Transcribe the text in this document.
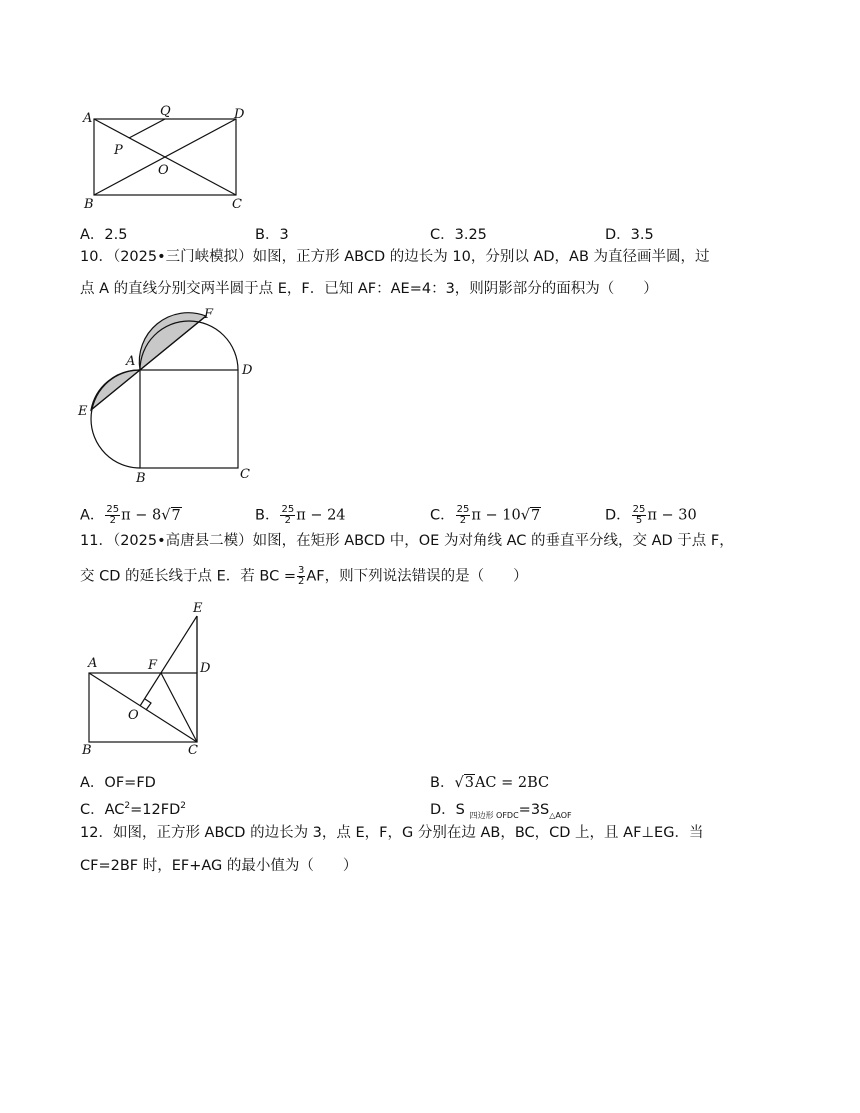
A	Q	D
P
O
B	C
A．2.5	B．3	C．3.25	D．3.5
10．（2025•三门峡模拟）如图，正方形 ABCD 的边长为 10，分别以 AD，AB 为直径画半圆，过
点 A 的直线分别交两半圆于点 E，F．已知 AF：AE=4：3，则阴影部分的面积为（　　）
A
F
D
E
B	C
A． $\frac{25}{2}$ π − 8√7	B． $\frac{25}{2}$ π − 24	C． $\frac{25}{2}$ π − 10√7	D． $\frac{25}{5}$ π − 30
11．（2025•高唐县二模）如图，在矩形 ABCD 中，OE 为对角线 AC 的垂直平分线，交 AD 于点 F，
交 CD 的延长线于点 E．若 BC = $\frac{3}{2}$ AF，则下列说法错误的是（　　）
E
A	F	D
O
B	C
A．OF=FD	B．√3AC = 2BC
C．$AC^2=12FD^2$	D．S $_{四边形 OFDC}=3S_{\triangle AOF}$
12．如图，正方形 ABCD 的边长为 3，点 E，F，G 分别在边 AB，BC，CD 上，且 AF⊥EG．当
CF=2BF 时，EF+AG 的最小值为（　　）
